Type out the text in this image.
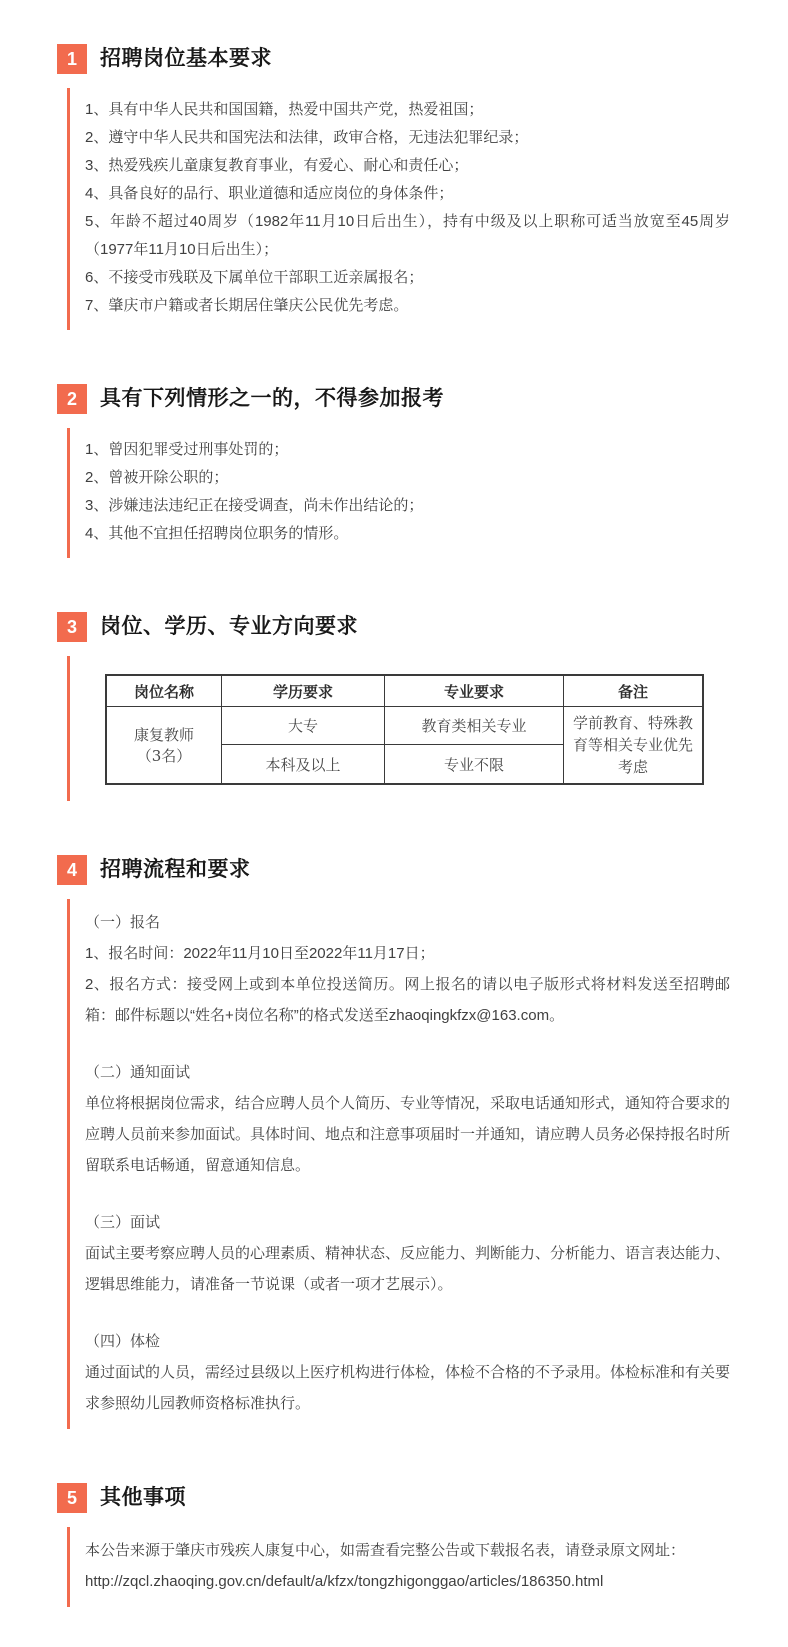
1	招聘岗位基本要求

1、具有中华人民共和国国籍，热爱中国共产党，热爱祖国；

2、遵守中华人民共和国宪法和法律，政审合格，无违法犯罪纪录；

3、热爱残疾儿童康复教育事业，有爱心、耐心和责任心；

4、具备良好的品行、职业道德和适应岗位的身体条件；

5、年龄不超过40周岁（1982年11月10日后出生），持有中级及以上职称可适当放宽至45周岁（1977年11月10日后出生）；

6、不接受市残联及下属单位干部职工近亲属报名；

7、肇庆市户籍或者长期居住肇庆公民优先考虑。

2	具有下列情形之一的，不得参加报考

1、曾因犯罪受过刑事处罚的；

2、曾被开除公职的；

3、涉嫌违法违纪正在接受调查，尚未作出结论的；

4、其他不宜担任招聘岗位职务的情形。

3	岗位、学历、专业方向要求
岗位名称	学历要求	专业要求	备注
康复教师
（3名）	大专	教育类相关专业	学前教育、特殊教育等相关专业优先考虑
	本科及以上	专业不限	
4	招聘流程和要求

（一）报名

1、报名时间：2022年11月10日至2022年11月17日；

2、报名方式：接受网上或到本单位投送简历。网上报名的请以电子版形式将材料发送至招聘邮箱：邮件标题以“姓名+岗位名称”的格式发送至zhaoqingkfzx@163.com。

（二）通知面试

单位将根据岗位需求，结合应聘人员个人简历、专业等情况，采取电话通知形式，通知符合要求的应聘人员前来参加面试。具体时间、地点和注意事项届时一并通知，请应聘人员务必保持报名时所留联系电话畅通，留意通知信息。

（三）面试

面试主要考察应聘人员的心理素质、精神状态、反应能力、判断能力、分析能力、语言表达能力、逻辑思维能力，请准备一节说课（或者一项才艺展示）。

（四）体检

通过面试的人员，需经过县级以上医疗机构进行体检，体检不合格的不予录用。体检标准和有关要求参照幼儿园教师资格标准执行。

5	其他事项

本公告来源于肇庆市残疾人康复中心，如需查看完整公告或下载报名表，请登录原文网址：

http://zqcl.zhaoqing.gov.cn/default/a/kfzx/tongzhigonggao/articles/186350.html
